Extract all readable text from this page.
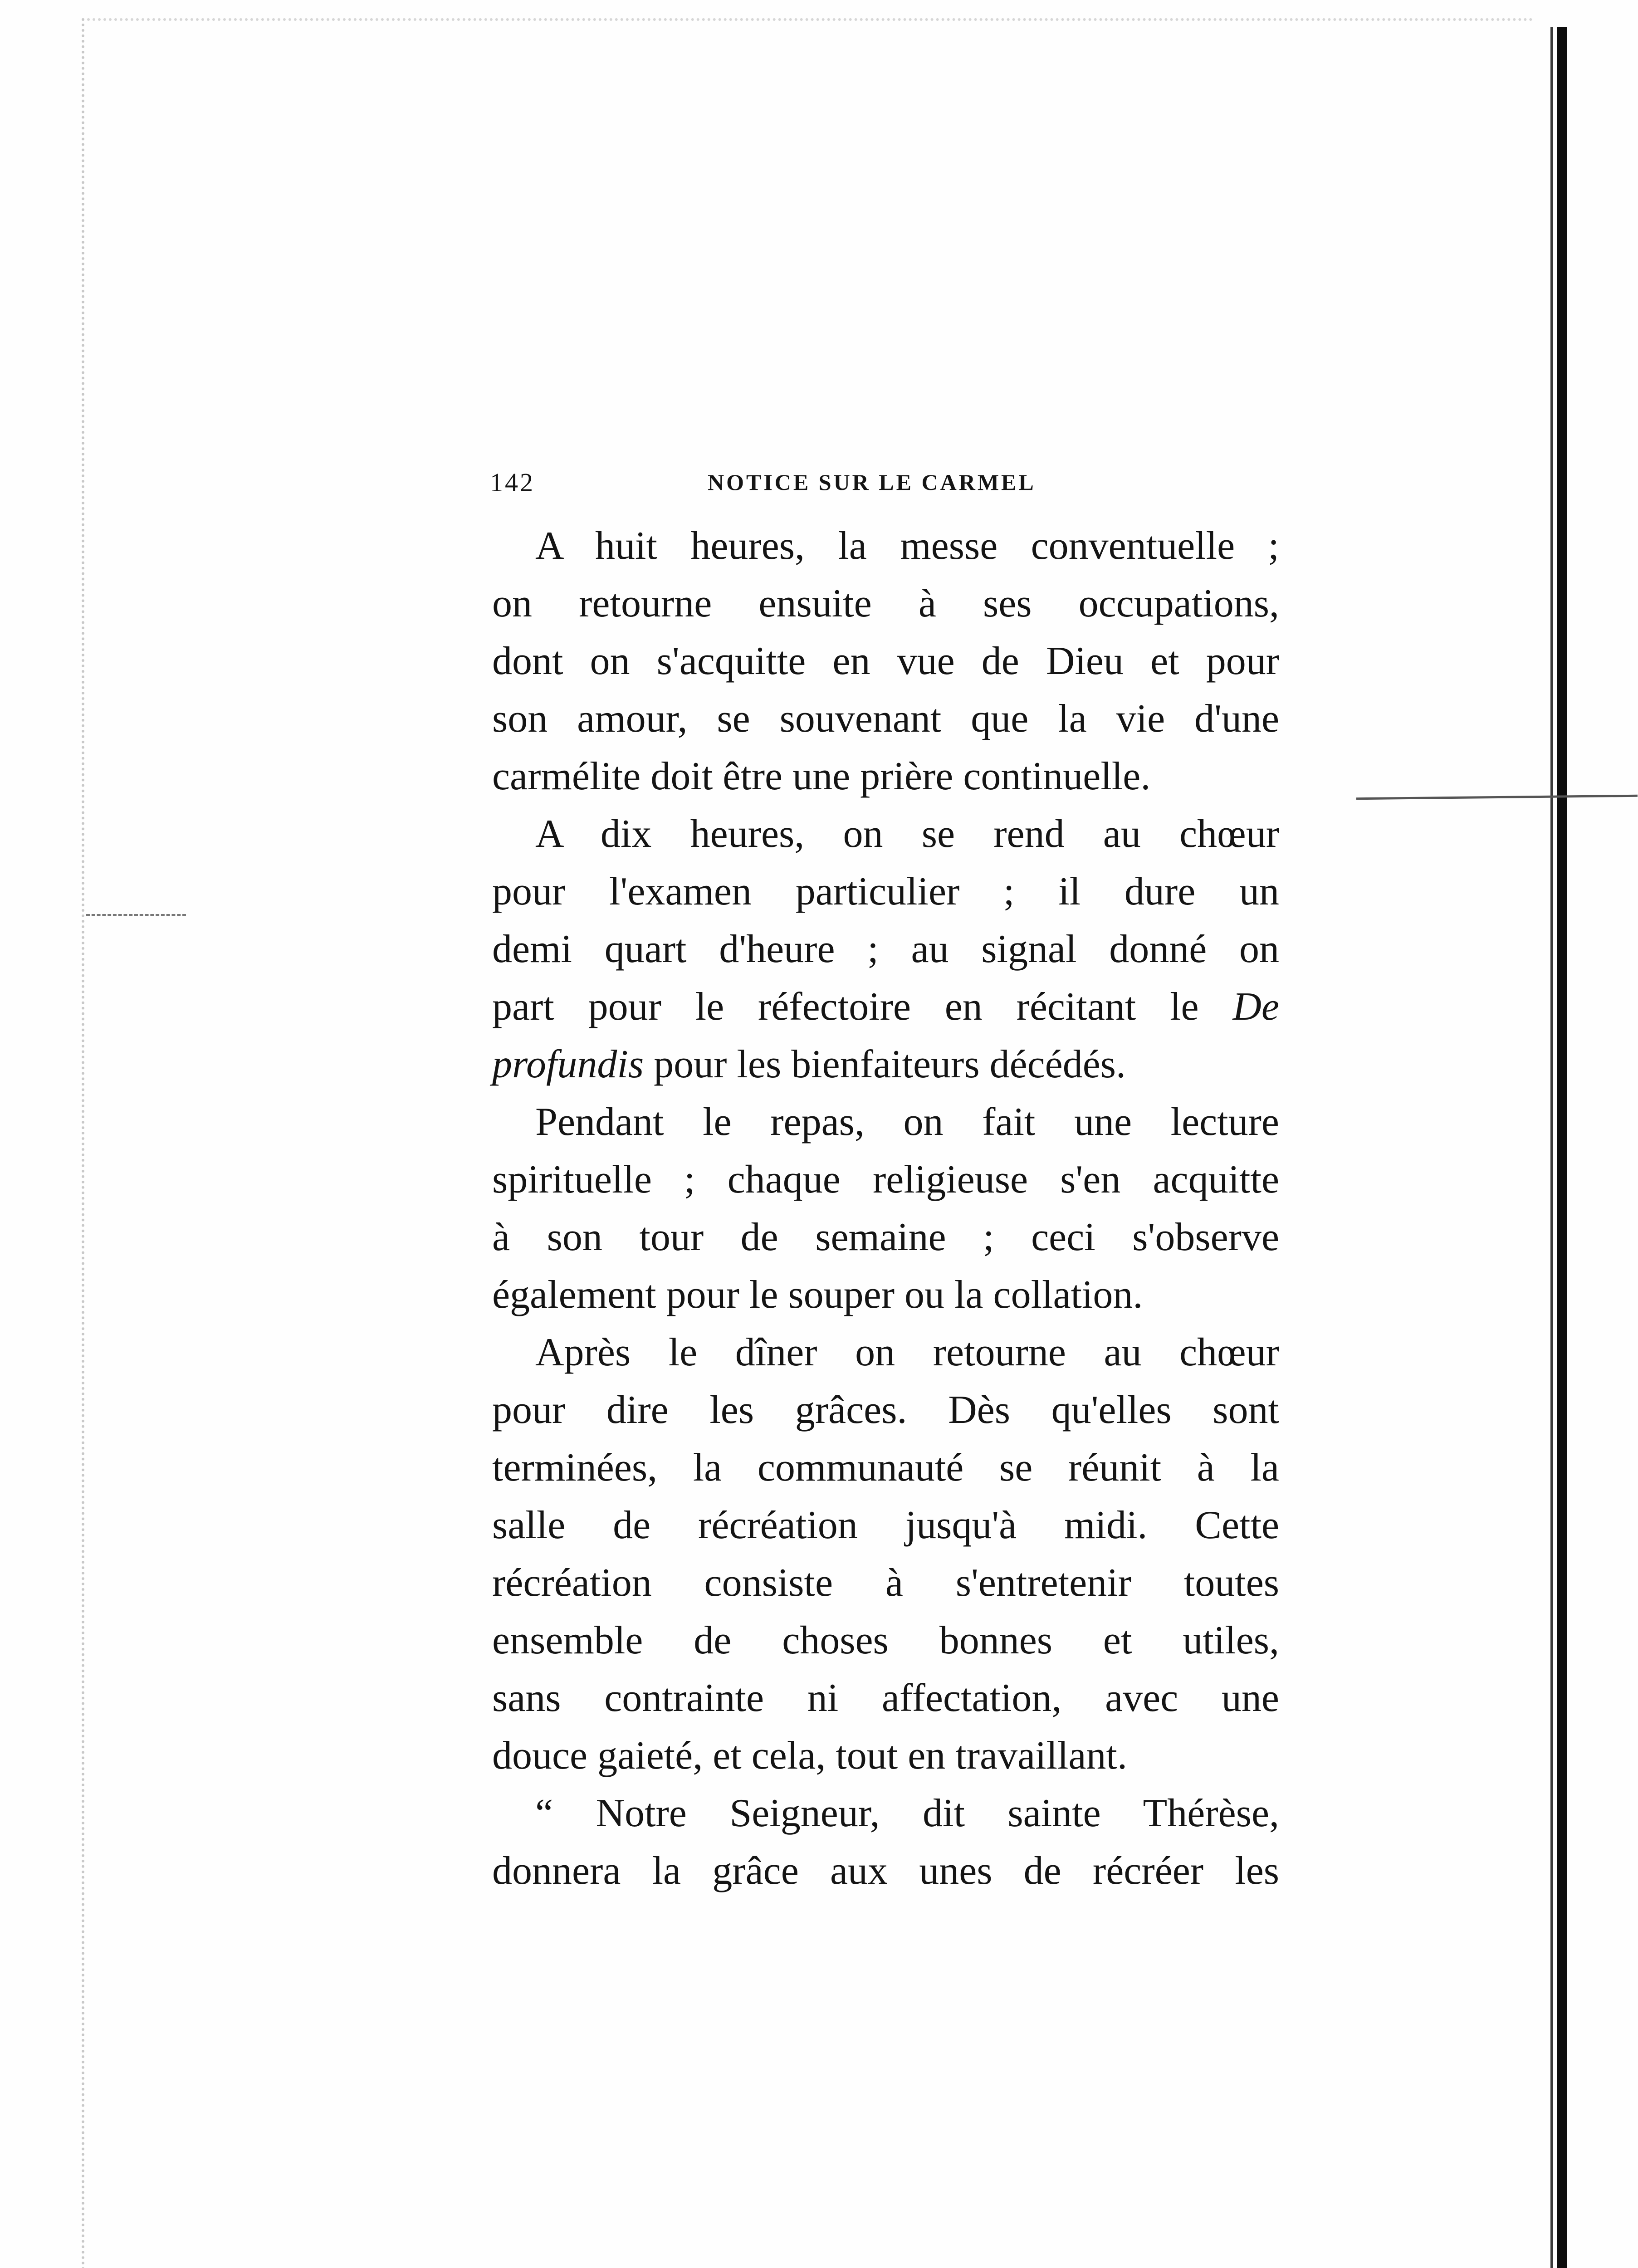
142	NOTICE SUR LE CARMEL
A huit heures, la messe conventuelle ;
on retourne ensuite à ses occupations,
dont on s'acquitte en vue de Dieu et pour
son amour, se souvenant que la vie d'une
carmélite doit être une prière continuelle.
A dix heures, on se rend au chœur
pour l'examen particulier ; il dure un
demi quart d'heure ; au signal donné on
part pour le réfectoire en récitant le De
profundis pour les bienfaiteurs décédés.
Pendant le repas, on fait une lecture
spirituelle ; chaque religieuse s'en acquitte
à son tour de semaine ; ceci s'observe
également pour le souper ou la collation.
Après le dîner on retourne au chœur
pour dire les grâces. Dès qu'elles sont
terminées, la communauté se réunit à la
salle de récréation jusqu'à midi. Cette
récréation consiste à s'entretenir toutes
ensemble de choses bonnes et utiles,
sans contrainte ni affectation, avec une
douce gaieté, et cela, tout en travaillant.
“ Notre Seigneur, dit sainte Thérèse,
donnera la grâce aux unes de récréer les
